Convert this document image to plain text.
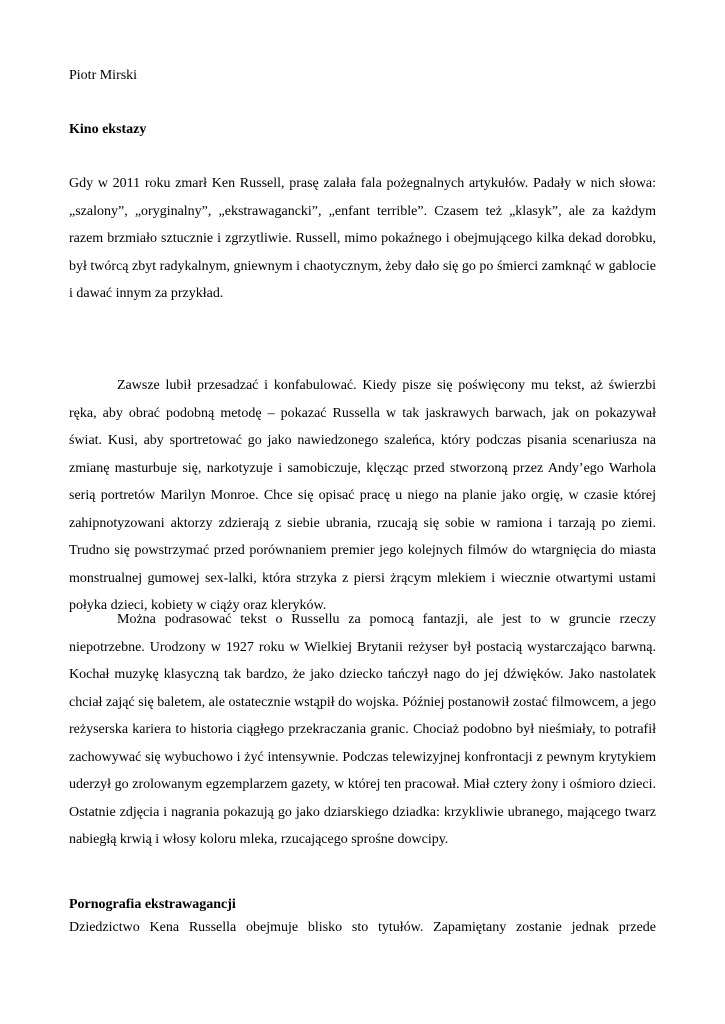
Piotr Mirski

Kino ekstazy

Gdy w 2011 roku zmarł Ken Russell, prasę zalała fala pożegnalnych artykułów. Padały w nich słowa: „szalony”, „oryginalny”, „ekstrawagancki”, „enfant terrible”. Czasem też „klasyk”, ale za każdym razem brzmiało sztucznie i zgrzytliwie. Russell, mimo pokaźnego i obejmującego kilka dekad dorobku, był twórcą zbyt radykalnym, gniewnym i chaotycznym, żeby dało się go po śmierci zamknąć w gablocie i dawać innym za przykład.

Zawsze lubił przesadzać i konfabulować. Kiedy pisze się poświęcony mu tekst, aż świerzbi ręka, aby obrać podobną metodę – pokazać Russella w tak jaskrawych barwach, jak on pokazywał świat. Kusi, aby sportretować go jako nawiedzonego szaleńca, który podczas pisania scenariusza na zmianę masturbuje się, narkotyzuje i samobiczuje, klęcząc przed stworzoną przez Andy’ego Warhola serią portretów Marilyn Monroe. Chce się opisać pracę u niego na planie jako orgię, w czasie której zahipnotyzowani aktorzy zdzierają z siebie ubrania, rzucają się sobie w ramiona i tarzają po ziemi. Trudno się powstrzymać przed porównaniem premier jego kolejnych filmów do wtargnięcia do miasta monstrualnej gumowej sex-lalki, która strzyka z piersi żrącym mlekiem i wiecznie otwartymi ustami połyka dzieci, kobiety w ciąży oraz kleryków.

Można podrasować tekst o Russellu za pomocą fantazji, ale jest to w gruncie rzeczy niepotrzebne. Urodzony w 1927 roku w Wielkiej Brytanii reżyser był postacią wystarczająco barwną. Kochał muzykę klasyczną tak bardzo, że jako dziecko tańczył nago do jej dźwięków. Jako nastolatek chciał zająć się baletem, ale ostatecznie wstąpił do wojska. Później postanowił zostać filmowcem, a jego reżyserska kariera to historia ciągłego przekraczania granic. Chociaż podobno był nieśmiały, to potrafił zachowywać się wybuchowo i żyć intensywnie. Podczas telewizyjnej konfrontacji z pewnym krytykiem uderzył go zrolowanym egzemplarzem gazety, w której ten pracował. Miał cztery żony i ośmioro dzieci. Ostatnie zdjęcia i nagrania pokazują go jako dziarskiego dziadka: krzykliwie ubranego, mającego twarz nabiegłą krwią i włosy koloru mleka, rzucającego sprośne dowcipy.

Pornografia ekstrawagancji

Dziedzictwo Kena Russella obejmuje blisko sto tytułów. Zapamiętany zostanie jednak przede
